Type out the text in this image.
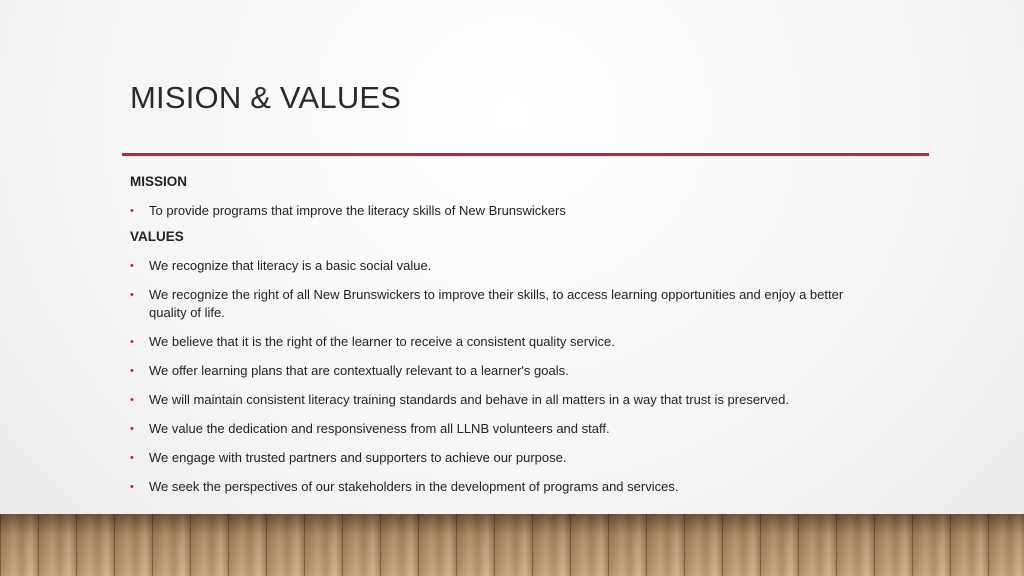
MISION & VALUES

MISSION

• To provide programs that improve the literacy skills of New Brunswickers

VALUES

• We recognize that literacy is a basic social value.
• We recognize the right of all New Brunswickers to improve their skills, to access learning opportunities and enjoy a better quality of life.
• We believe that it is the right of the learner to receive a consistent quality service.
• We offer learning plans that are contextually relevant to a learner's goals.
• We will maintain consistent literacy training standards and behave in all matters in a way that trust is preserved.
• We value the dedication and responsiveness from all LLNB volunteers and staff.
• We engage with trusted partners and supporters to achieve our purpose.
• We seek the perspectives of our stakeholders in the development of programs and services.
